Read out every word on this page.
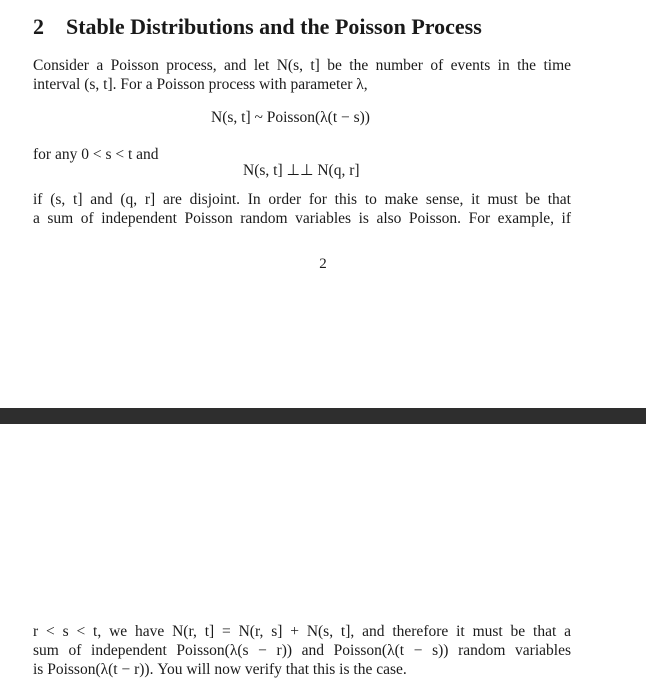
2 Stable Distributions and the Poisson Process
Consider a Poisson process, and let N(s, t] be the number of events in the time
interval (s, t]. For a Poisson process with parameter λ,
N(s, t] ~ Poisson(λ(t − s))
for any 0 < s < t and
N(s, t] ⊥⊥ N(q, r]
if (s, t] and (q, r] are disjoint. In order for this to make sense, it must be that
a sum of independent Poisson random variables is also Poisson. For example, if
2
r < s < t, we have N(r, t] = N(r, s] + N(s, t], and therefore it must be that a
sum of independent Poisson(λ(s − r)) and Poisson(λ(t − s)) random variables
is Poisson(λ(t − r)). You will now verify that this is the case.
